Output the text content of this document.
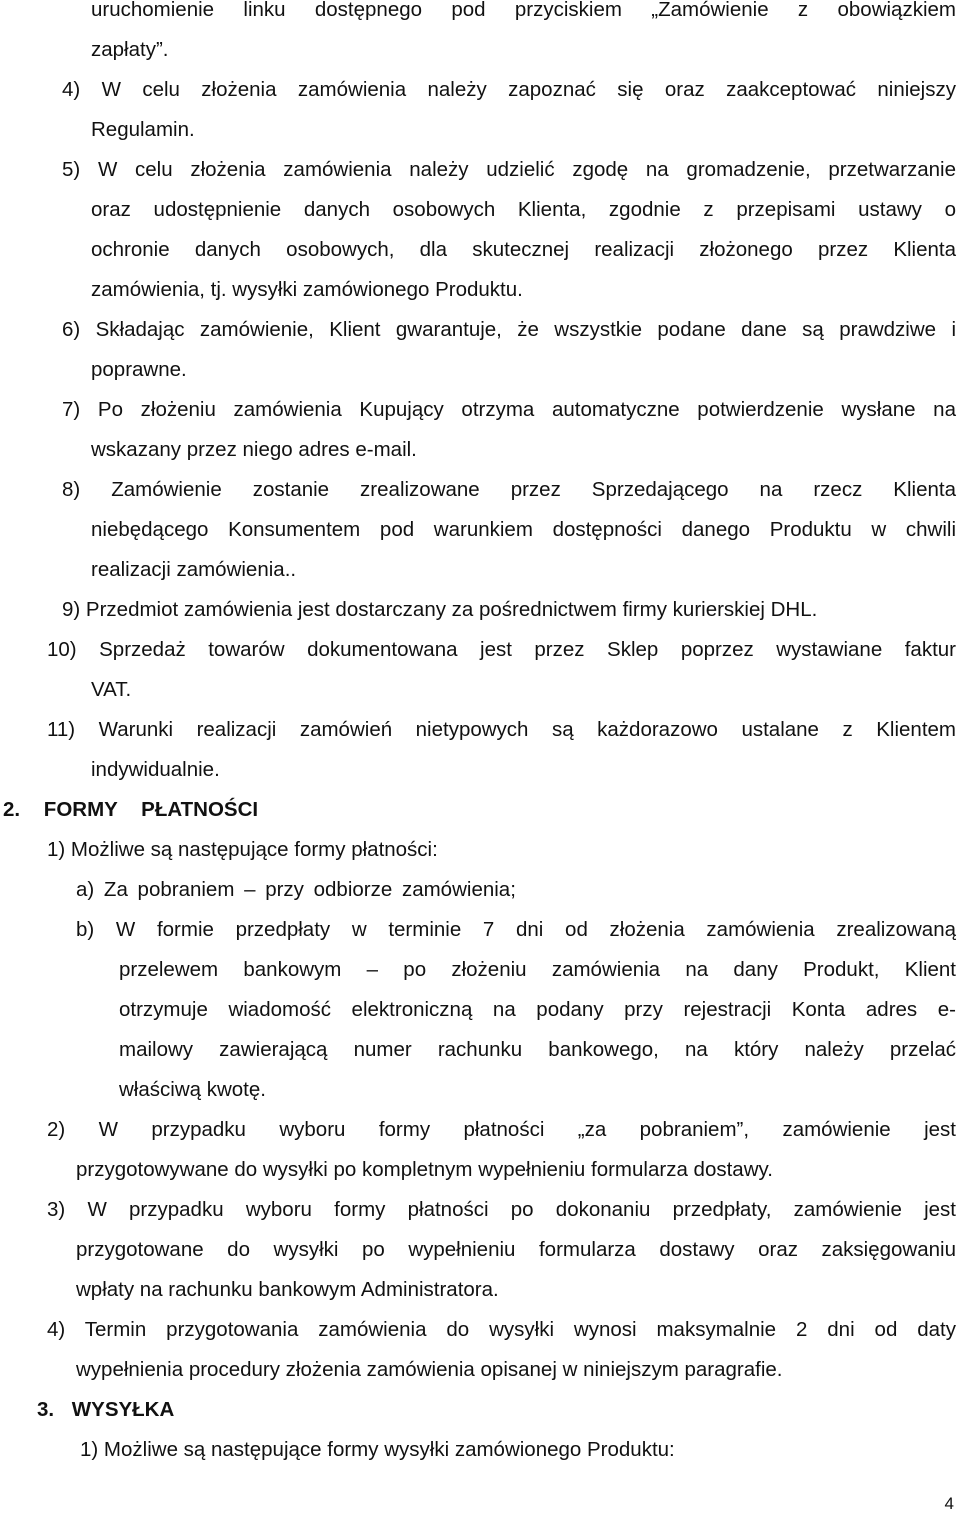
uruchomienie linku dostępnego pod przyciskiem „Zamówienie z obowiązkiem
zapłaty”.
4) W celu złożenia zamówienia należy zapoznać się oraz zaakceptować niniejszy
Regulamin.
5) W celu złożenia zamówienia należy udzielić zgodę na gromadzenie, przetwarzanie
oraz udostępnienie danych osobowych Klienta, zgodnie z przepisami ustawy o
ochronie danych osobowych, dla skutecznej realizacji złożonego przez Klienta
zamówienia, tj. wysyłki zamówionego Produktu.
6) Składając zamówienie, Klient gwarantuje, że wszystkie podane dane są prawdziwe i
poprawne.
7) Po złożeniu zamówienia Kupujący otrzyma automatyczne potwierdzenie wysłane na
wskazany przez niego adres e-mail.
8) Zamówienie zostanie zrealizowane przez Sprzedającego na rzecz Klienta
niebędącego Konsumentem pod warunkiem dostępności danego Produktu w chwili
realizacji zamówienia..
9) Przedmiot zamówienia jest dostarczany za pośrednictwem firmy kurierskiej DHL.
10) Sprzedaż towarów dokumentowana jest przez Sklep poprzez wystawiane faktur
VAT.
11) Warunki realizacji zamówień nietypowych są każdorazowo ustalane z Klientem
indywidualnie.
2. FORMY PŁATNOŚCI
1) Możliwe są następujące formy płatności:
a) Za pobraniem – przy odbiorze zamówienia;
b) W formie przedpłaty w terminie 7 dni od złożenia zamówienia zrealizowaną
przelewem bankowym – po złożeniu zamówienia na dany Produkt, Klient
otrzymuje wiadomość elektroniczną na podany przy rejestracji Konta adres e-
mailowy zawierającą numer rachunku bankowego, na który należy przelać
właściwą kwotę.
2) W przypadku wyboru formy płatności „za pobraniem”, zamówienie jest
przygotowywane do wysyłki po kompletnym wypełnieniu formularza dostawy.
3) W przypadku wyboru formy płatności po dokonaniu przedpłaty, zamówienie jest
przygotowane do wysyłki po wypełnieniu formularza dostawy oraz zaksięgowaniu
wpłaty na rachunku bankowym Administratora.
4) Termin przygotowania zamówienia do wysyłki wynosi maksymalnie 2 dni od daty
wypełnienia procedury złożenia zamówienia opisanej w niniejszym paragrafie.
3. WYSYŁKA
1) Możliwe są następujące formy wysyłki zamówionego Produktu:
4
